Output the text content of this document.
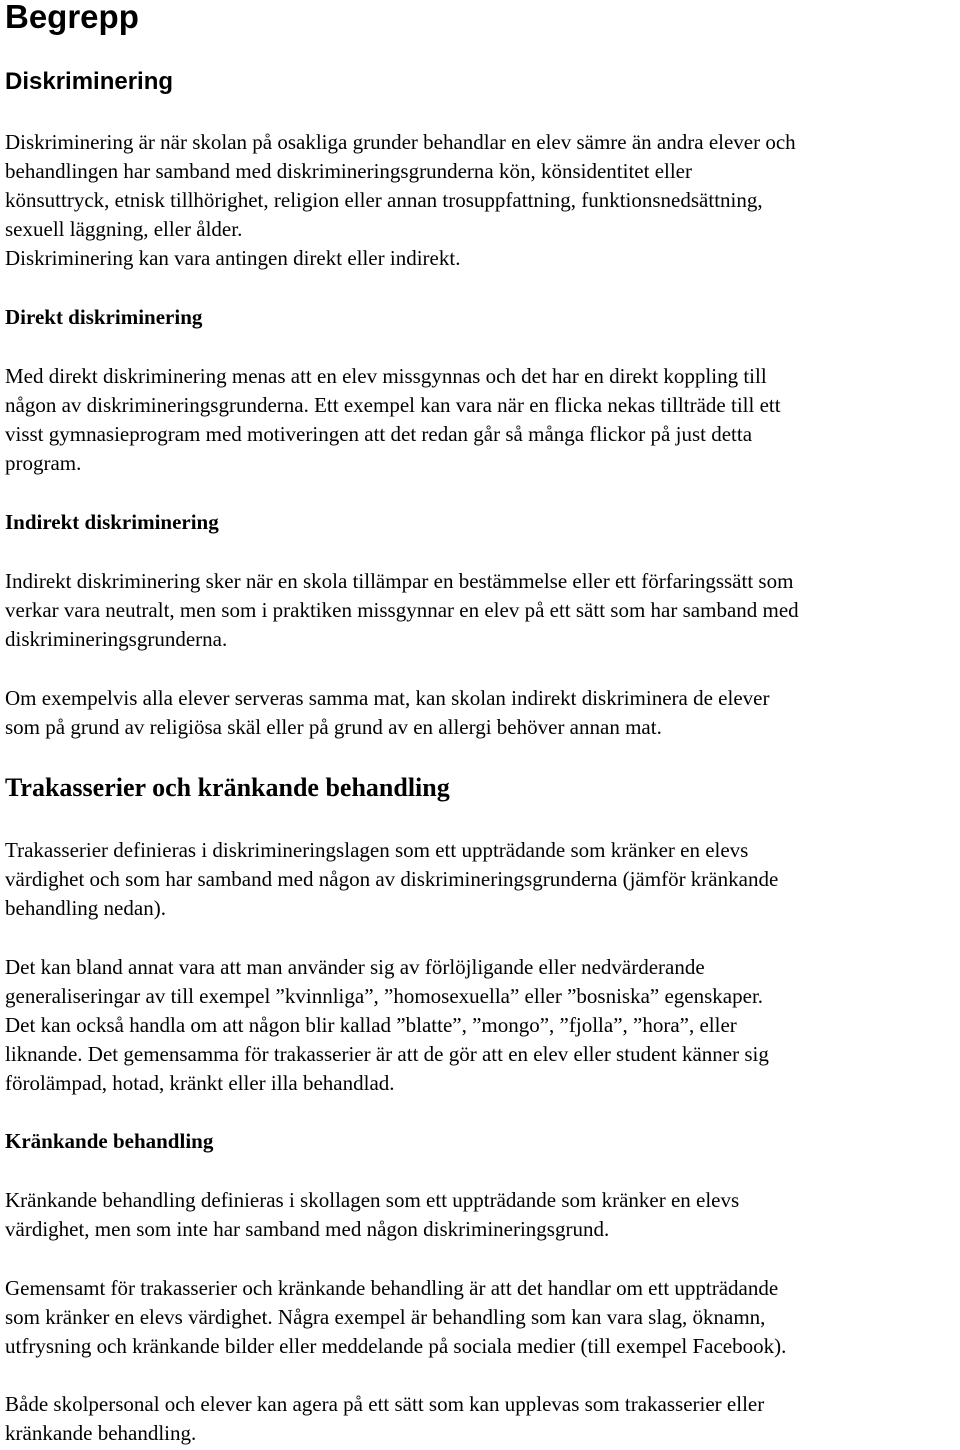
Begrepp
Diskriminering
Diskriminering är när skolan på osakliga grunder behandlar en elev sämre än andra elever och
behandlingen har samband med diskrimineringsgrunderna kön, könsidentitet eller
könsuttryck, etnisk tillhörighet, religion eller annan trosuppfattning, funktionsnedsättning,
sexuell läggning, eller ålder.
Diskriminering kan vara antingen direkt eller indirekt.
Direkt diskriminering
Med direkt diskriminering menas att en elev missgynnas och det har en direkt koppling till
någon av diskrimineringsgrunderna. Ett exempel kan vara när en flicka nekas tillträde till ett
visst gymnasieprogram med motiveringen att det redan går så många flickor på just detta
program.
Indirekt diskriminering
Indirekt diskriminering sker när en skola tillämpar en bestämmelse eller ett förfaringssätt som
verkar vara neutralt, men som i praktiken missgynnar en elev på ett sätt som har samband med
diskrimineringsgrunderna.
Om exempelvis alla elever serveras samma mat, kan skolan indirekt diskriminera de elever
som på grund av religiösa skäl eller på grund av en allergi behöver annan mat.
Trakasserier och kränkande behandling
Trakasserier definieras i diskrimineringslagen som ett uppträdande som kränker en elevs
värdighet och som har samband med någon av diskrimineringsgrunderna (jämför kränkande
behandling nedan).
Det kan bland annat vara att man använder sig av förlöjligande eller nedvärderande
generaliseringar av till exempel ”kvinnliga”, ”homosexuella” eller ”bosniska” egenskaper.
Det kan också handla om att någon blir kallad ”blatte”, ”mongo”, ”fjolla”, ”hora”, eller
liknande. Det gemensamma för trakasserier är att de gör att en elev eller student känner sig
förolämpad, hotad, kränkt eller illa behandlad.
Kränkande behandling
Kränkande behandling definieras i skollagen som ett uppträdande som kränker en elevs
värdighet, men som inte har samband med någon diskrimineringsgrund.
Gemensamt för trakasserier och kränkande behandling är att det handlar om ett uppträdande
som kränker en elevs värdighet. Några exempel är behandling som kan vara slag, öknamn,
utfrysning och kränkande bilder eller meddelande på sociala medier (till exempel Facebook).
Både skolpersonal och elever kan agera på ett sätt som kan upplevas som trakasserier eller
kränkande behandling.
